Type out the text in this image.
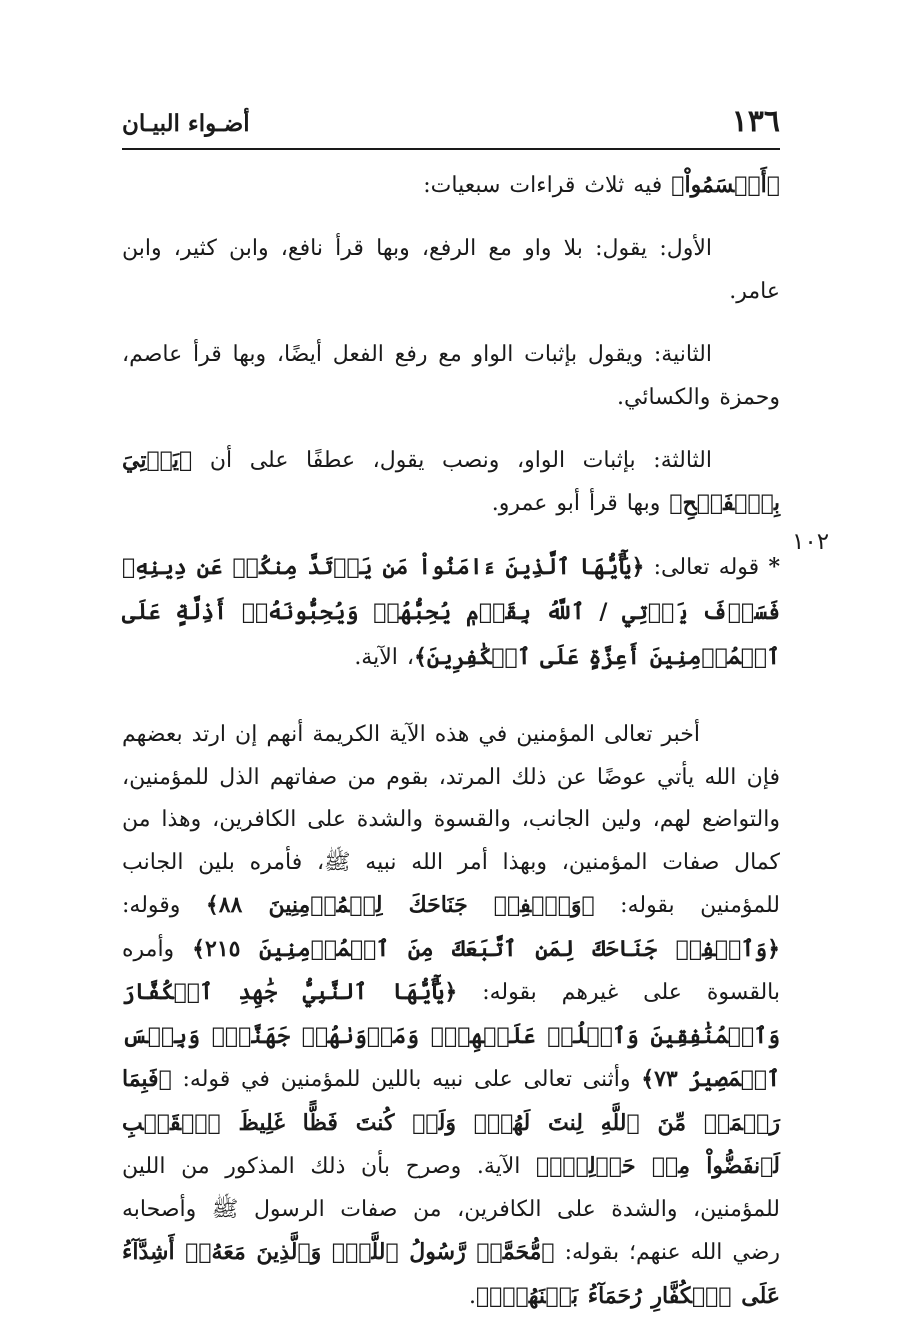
١٣٦
أضـواء البيـان
١٠٢

﴿أَقۡسَمُواْ﴾ فيه ثلاث قراءات سبعيات:

الأول: يقول: بلا واو مع الرفع، وبها قرأ نافع، وابن كثير، وابن عامر.

الثانية: ويقول بإثبات الواو مع رفع الفعل أيضًا، وبها قرأ عاصم، وحمزة والكسائي.

الثالثة: بإثبات الواو، ونصب يقول، عطفًا على أن ﴿يَأۡتِيَ بِٱلۡفَتۡحِ﴾ وبها قرأ أبو عمرو.

* قوله تعالى: ﴿يَٰٓأَيُّهَا ٱلَّذِينَ ءَامَنُواْ مَن يَرۡتَدَّ مِنكُمۡ عَن دِينِهِۦ فَسَوۡفَ يَأۡتِي / ٱللَّهُ بِقَوۡمٖ يُحِبُّهُمۡ وَيُحِبُّونَهُۥٓ أَذِلَّةٍ عَلَى ٱلۡمُؤۡمِنِينَ أَعِزَّةٍ عَلَى ٱلۡكَٰفِرِينَ﴾، الآية.

أخبر تعالى المؤمنين في هذه الآية الكريمة أنهم إن ارتد بعضهم فإن الله يأتي عوضًا عن ذلك المرتد، بقوم من صفاتهم الذل للمؤمنين، والتواضع لهم، ولين الجانب، والقسوة والشدة على الكافرين، وهذا من كمال صفات المؤمنين، وبهذا أمر الله نبيه ﷺ، فأمره بلين الجانب للمؤمنين بقوله: ﴿وَٱخۡفِضۡ جَنَاحَكَ لِلۡمُؤۡمِنِينَ ٨٨﴾ وقوله: ﴿وَٱخۡفِضۡ جَنَاحَكَ لِمَنِ ٱتَّبَعَكَ مِنَ ٱلۡمُؤۡمِنِينَ ٢١٥﴾ وأمره بالقسوة على غيرهم بقوله: ﴿يَٰٓأَيُّهَا ٱلنَّبِيُّ جَٰهِدِ ٱلۡكُفَّارَ وَٱلۡمُنَٰفِقِينَ وَٱغۡلُظۡ عَلَيۡهِمۡۚ وَمَأۡوَىٰهُمۡ جَهَنَّمُۖ وَبِئۡسَ ٱلۡمَصِيرُ ٧٣﴾ وأثنى تعالى على نبيه باللين للمؤمنين في قوله: ﴿فَبِمَا رَحۡمَةٖ مِّنَ ٱللَّهِ لِنتَ لَهُمۡۖ وَلَوۡ كُنتَ فَظًّا غَلِيظَ ٱلۡقَلۡبِ لَٱنفَضُّواْ مِنۡ حَوۡلِكَۖ﴾ الآية. وصرح بأن ذلك المذكور من اللين للمؤمنين، والشدة على الكافرين، من صفات الرسول ﷺ وأصحابه رضي الله عنهم؛ بقوله: ﴿مُّحَمَّدٞ رَّسُولُ ٱللَّهِۚ وَٱلَّذِينَ مَعَهُۥٓ أَشِدَّآءُ عَلَى ٱلۡكُفَّارِ رُحَمَآءُ بَيۡنَهُمۡۖ﴾.
